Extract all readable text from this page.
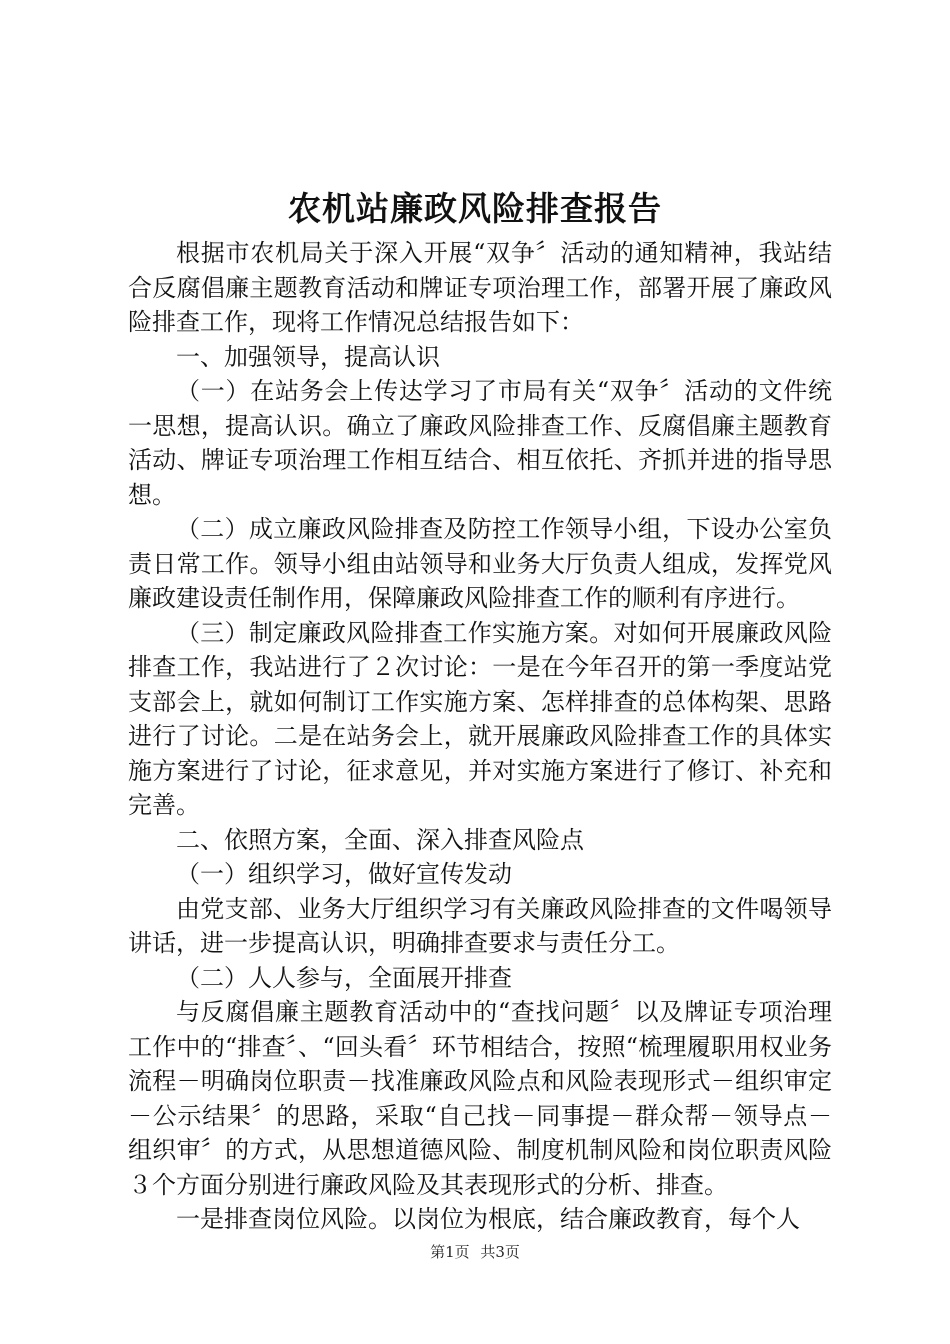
农机站廉政风险排查报告

根据市农机局关于深入开展“双争〞活动的通知精神，我站结合反腐倡廉主题教育活动和牌证专项治理工作，部署开展了廉政风险排查工作，现将工作情况总结报告如下：

一、加强领导，提高认识

（一）在站务会上传达学习了市局有关“双争〞活动的文件统一思想，提高认识。确立了廉政风险排查工作、反腐倡廉主题教育活动、牌证专项治理工作相互结合、相互依托、齐抓并进的指导思想。

（二）成立廉政风险排查及防控工作领导小组，下设办公室负责日常工作。领导小组由站领导和业务大厅负责人组成，发挥党风廉政建设责任制作用，保障廉政风险排查工作的顺利有序进行。

（三）制定廉政风险排查工作实施方案。对如何开展廉政风险排查工作，我站进行了２次讨论：一是在今年召开的第一季度站党支部会上，就如何制订工作实施方案、怎样排查的总体构架、思路进行了讨论。二是在站务会上，就开展廉政风险排查工作的具体实施方案进行了讨论，征求意见，并对实施方案进行了修订、补充和完善。

二、依照方案，全面、深入排查风险点

（一）组织学习，做好宣传发动

由党支部、业务大厅组织学习有关廉政风险排查的文件喝领导讲话，进一步提高认识，明确排查要求与责任分工。

（二）人人参与，全面展开排查

与反腐倡廉主题教育活动中的“查找问题〞以及牌证专项治理工作中的“排查〞、“回头看〞环节相结合，按照“梳理履职用权业务流程－明确岗位职责－找准廉政风险点和风险表现形式－组织审定－公示结果〞的思路，采取“自己找－同事提－群众帮－领导点－组织审〞的方式，从思想道德风险、制度机制风险和岗位职责风险３个方面分别进行廉政风险及其表现形式的分析、排查。

一是排查岗位风险。以岗位为根底，结合廉政教育，每个人

第1页 共3页
